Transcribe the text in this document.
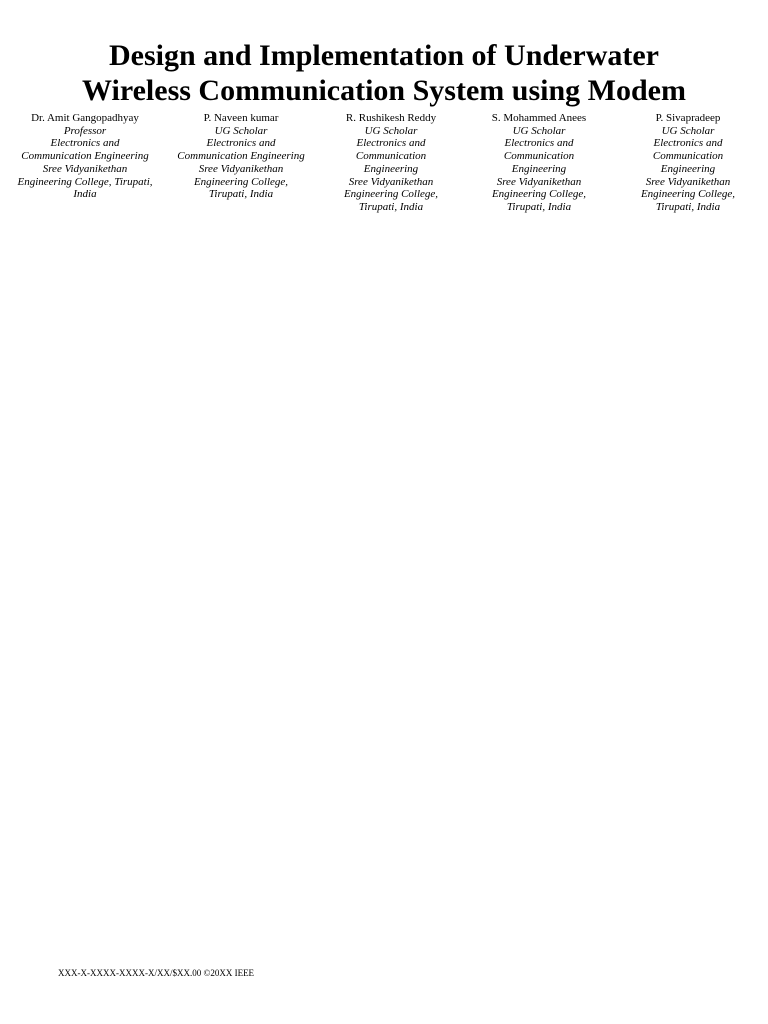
Design and Implementation of Underwater
Wireless Communication System using Modem
Dr. Amit Gangopadhyay
Professor
Electronics and
Communication Engineering
Sree Vidyanikethan
Engineering College, Tirupati,
India
P. Naveen kumar
UG Scholar
Electronics and
Communication Engineering
Sree Vidyanikethan
Engineering College,
Tirupati, India
R. Rushikesh Reddy
UG Scholar
Electronics and
Communication
Engineering
Sree Vidyanikethan
Engineering College,
Tirupati, India
S. Mohammed Anees
UG Scholar
Electronics and
Communication
Engineering
Sree Vidyanikethan
Engineering College,
Tirupati, India
P. Sivapradeep
UG Scholar
Electronics and
Communication
Engineering
Sree Vidyanikethan
Engineering College,
Tirupati, India
XXX-X-XXXX-XXXX-X/XX/$XX.00 ©20XX IEEE
